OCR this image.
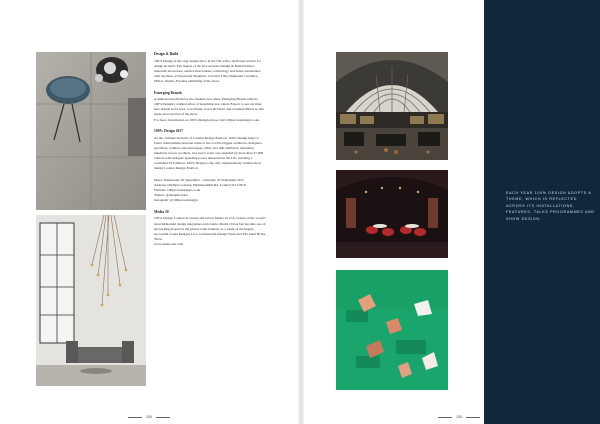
Design & Build
100% Design is the only design show in the UK with a dedicated section for design & build. The largest of the five sections Design & Build features materials showcases, surface innovations, technology and home automation, with the likes of Stuartrend Neamatic, Creative Tiles, Bluepoint Ceramics, SEKA, Dzemo Facades exhibiting at the show.
Emerging Brands
A dedicated platform for the freshest new ideas, Emerging Brands reflects 100% Design's original ethos of launching new talent. Expect to see exciting new brands Gold Grid, Cara Dunn, Grace & Thorn and Jonathan Pillers in this made-level section of the show.
For more information on 100% Design please visit 100percentdesign.co.uk
100% Design 2017
As the commercial heart of London Design Festival, 100% Design helps to foster relationships between some of the world's biggest architects, designers, specifiers, retailers and developers. With over 400 exhibitors launching hundreds of new products, last year's event was attended by more than 27,000 visitors with delegate spending power measured in the UK, reaching a combined £3.9 billion. 100% Design is the only independently audited show during London Design Festival.
Dates: Wednesday 20 September – Saturday 23 September 2017
Address: Olympia London, Hammersmith Rd, London W14 8UX
Website: 100percentdesign.co.uk
Twitter: @designlondon
Instagram: @100percentdesign
Media 10
100% Design London is owned and run by Media 10 Ltd, owners of the world's most influential design magazines and events. Media 10 has fast become one of the leading players in the global event industry as a result of the hugely successful Grand Designs Live, Clerkenwell Design Week and The Ideal Home Show.
www.media-ten.com
104	105
EACH YEAR 100% DESIGN ADOPTS A THEME, WHICH IS REFLECTED ACROSS ITS INSTALLATIONS, FEATURES, TALKS PROGRAMMES AND SHOW DESIGN.
